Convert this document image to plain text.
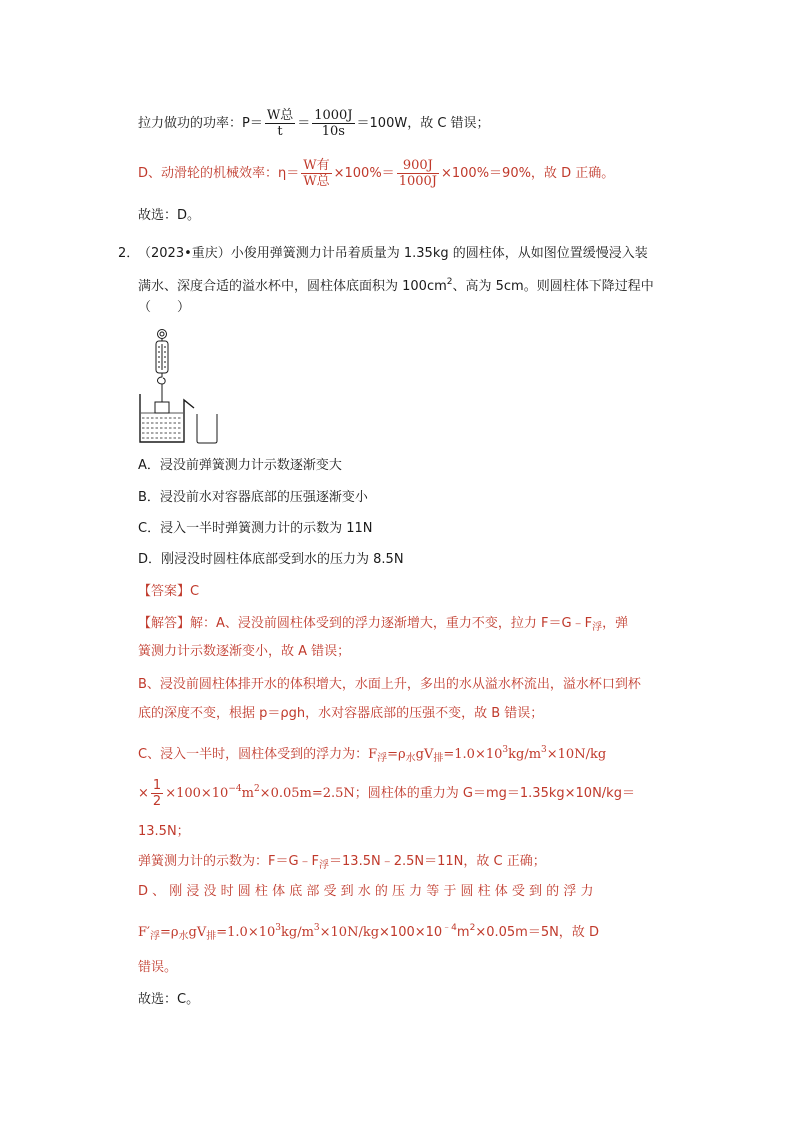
拉力做功的功率：$P= \frac{\text{W总}}{t} = \frac{1000J}{10s} =100W$，故 C 错误；
D、动滑轮的机械效率：$\eta= \frac{\text{W有}}{\text{W总}} \times 100\%= \frac{900J}{1000J} \times 100\%=90\%$，故 D 正确。
故选：D。
2．
（2023•重庆）小俊用弹簧测力计吊着质量为 1.35kg 的圆柱体，从如图位置缓慢浸入装
满水、深度合适的溢水杯中，圆柱体底面积为 $100cm^2$、高为 5cm。则圆柱体下降过程中
（　　）
A．浸没前弹簧测力计示数逐渐变大
B．浸没前水对容器底部的压强逐渐变小
C．浸入一半时弹簧测力计的示数为 11N
D．刚浸没时圆柱体底部受到水的压力为 8.5N
【答案】C
【解答】解：A、浸没前圆柱体受到的浮力逐渐增大，重力不变，拉力 $F=G﹣F_浮$，弹
簧测力计示数逐渐变小，故 A 错误；
B、浸没前圆柱体排开水的体积增大，水面上升，多出的水从溢水杯流出，溢水杯口到杯
底的深度不变，根据 p＝ρgh，水对容器底部的压强不变，故 B 错误；
C、浸入一半时，圆柱体受到的浮力为：$F_浮=\rho_水gV_排=1.0\times 10^3kg/m^3\times 10N/kg$
× $\frac{1}{2} \times 100\times 10^{-4}m^2\times 0.05m=2.5N$；圆柱体的重力为 G＝mg＝1.35kg×10N/kg＝
13.5N；
弹簧测力计的示数为：$F=G﹣F_浮=13.5N﹣2.5N=11N$，故 C 正确；
D 、 刚 浸 没 时 圆 柱 体 底 部 受 到 水 的 压 力 等 于 圆 柱 体 受 到 的 浮 力
$F'_浮=\rho_水gV_排=1.0\times 10^3kg/m^3\times 10N/kg\times 100\times 10^{﹣4}m^2\times 0.05m=5N$，故 D
错误。
故选：C。
